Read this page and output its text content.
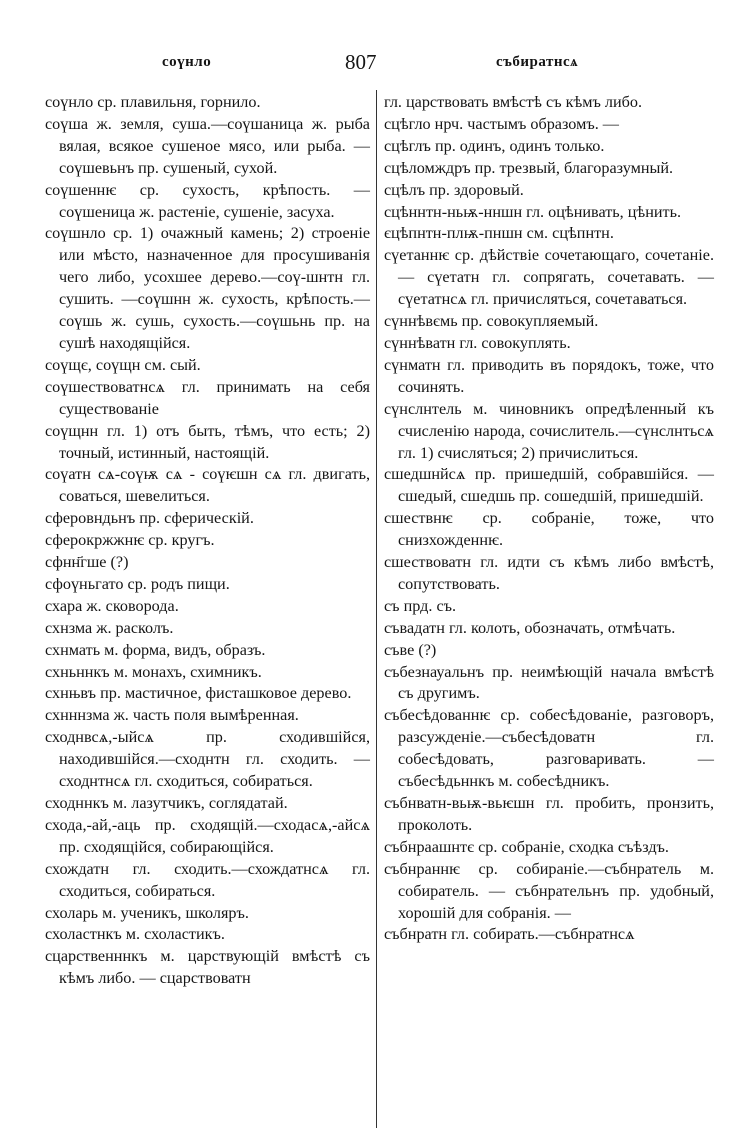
соүнло	807	събиратнсѧ

соүнло ср. плавильня, горнило.

соүша ж. земля, суша.—соүшаница ж. рыба вялая, всякое сушеное мясо, или рыба. — соүшевьнъ пр. сушеный, сухой.

соүшеннѥ ср. сухость, крѣпость. — соүшеница ж. растеніе, сушеніе, засуха.

соүшнло ср. 1) очажный камень; 2) строеніе или мѣсто, назначенное для просушиванія чего либо, усохшее дерево.—соү-шнтн гл. сушить. —соүшнн ж. сухость, крѣпость.— соүшь ж. сушь, сухость.—соүшьнь пр. на сушѣ находящійся.

соүщє, соүщн см. сый.

соүшествоватнсѧ гл. принимать на себя существованіе

соүщнн гл. 1) отъ быть, тѣмъ, что есть; 2) точный, истинный, настоящій.

соүатн сѧ-соүѭ сѧ - соүѥшн сѧ гл. двигать, соваться, шевелиться.

сферовндьнъ пр. сферическій.

сферокржжнѥ ср. кругъ.

сфнн҃гше (?)

сфоүньгато ср. родъ пищи.

схара ж. сковорода.

схнзма ж. расколъ.

схнмать м. форма, видъ, образъ.

схньннкъ м. монахъ, схимникъ.

схнњвъ пр. мастичное, фисташковое дерево.

схнннзма ж. часть поля вымѣренная.

сходнвсѧ,-ыйсѧ пр. сходившійся, находившійся.—сходнтн гл. сходить. — сходнтнсѧ гл. сходиться, собираться.

сходннкъ м. лазутчикъ, соглядатай.

схода,-ай,-аць пр. сходящій.—сходасѧ,-айсѧ пр. сходящійся, собирающійся.

схождатн гл. сходить.—схождатнсѧ гл. сходиться, собираться.

схоларь м. ученикъ, школяръ.

схоластнкъ м. схоластикъ.

сцарственннкъ м. царствующій вмѣстѣ съ кѣмъ либо. — сцарствоватн

гл. царствовать вмѣстѣ съ кѣмъ либо.

сцѣгло нрч. частымъ образомъ. —

сцѣглъ пр. одинъ, одинъ только.

сцѣломждръ пр. трезвый, благоразумный.

сцѣлъ пр. здоровый.

сцѣннтн-ньѭ-нншн гл. оцѣнивать, цѣнить.

єцѣпнтн-плѭ-пншн см. сцѣпнтн.

сүетаннѥ ср. дѣйствіе сочетающаго, сочетаніе. — сүетатн гл. сопрягать, сочетавать. — сүетатнсѧ гл. причисляться, сочетаваться.

сүннѣвємь пр. совокупляемый.

сүннѣватн гл. совокуплять.

сүнматн гл. приводить въ порядокъ, тоже, что сочинять.

сүнслнтель м. чиновникъ опредѣленный къ счисленію народа, сочислитель.—сүнслнтьсѧ гл. 1) счисляться; 2) причислиться.

сшедшнйсѧ пр. пришедшій, собравшійся. — сшедый, сшедшь пр. сошедшій, пришедшій.

сшествнѥ ср. собраніе, тоже, что снизхожденнѥ.

сшествоватн гл. идти съ кѣмъ либо вмѣстѣ, сопутствовать.

съ прд. съ.

съвадатн гл. колоть, обозначать, отмѣчать.

съве (?)

събезнауальнъ пр. неимѣющій начала вмѣстѣ съ другимъ.

събесѣдованнѥ ср. собесѣдованіе, разговоръ, разсужденіе.—събесѣдоватн гл. собесѣдовать, разговаривать. — събесѣдьннкъ м. собесѣдникъ.

събнватн-вьѭ-вьѥшн гл. пробить, пронзить, проколоть.

събнраашнтє ср. собраніе, сходка съѣздъ.

събнраннѥ ср. собираніе.—събнратель м. собиратель. — събнрательнъ пр. удобный, хорошій для собранія. —

събнратн гл. собирать.—събнратнсѧ
